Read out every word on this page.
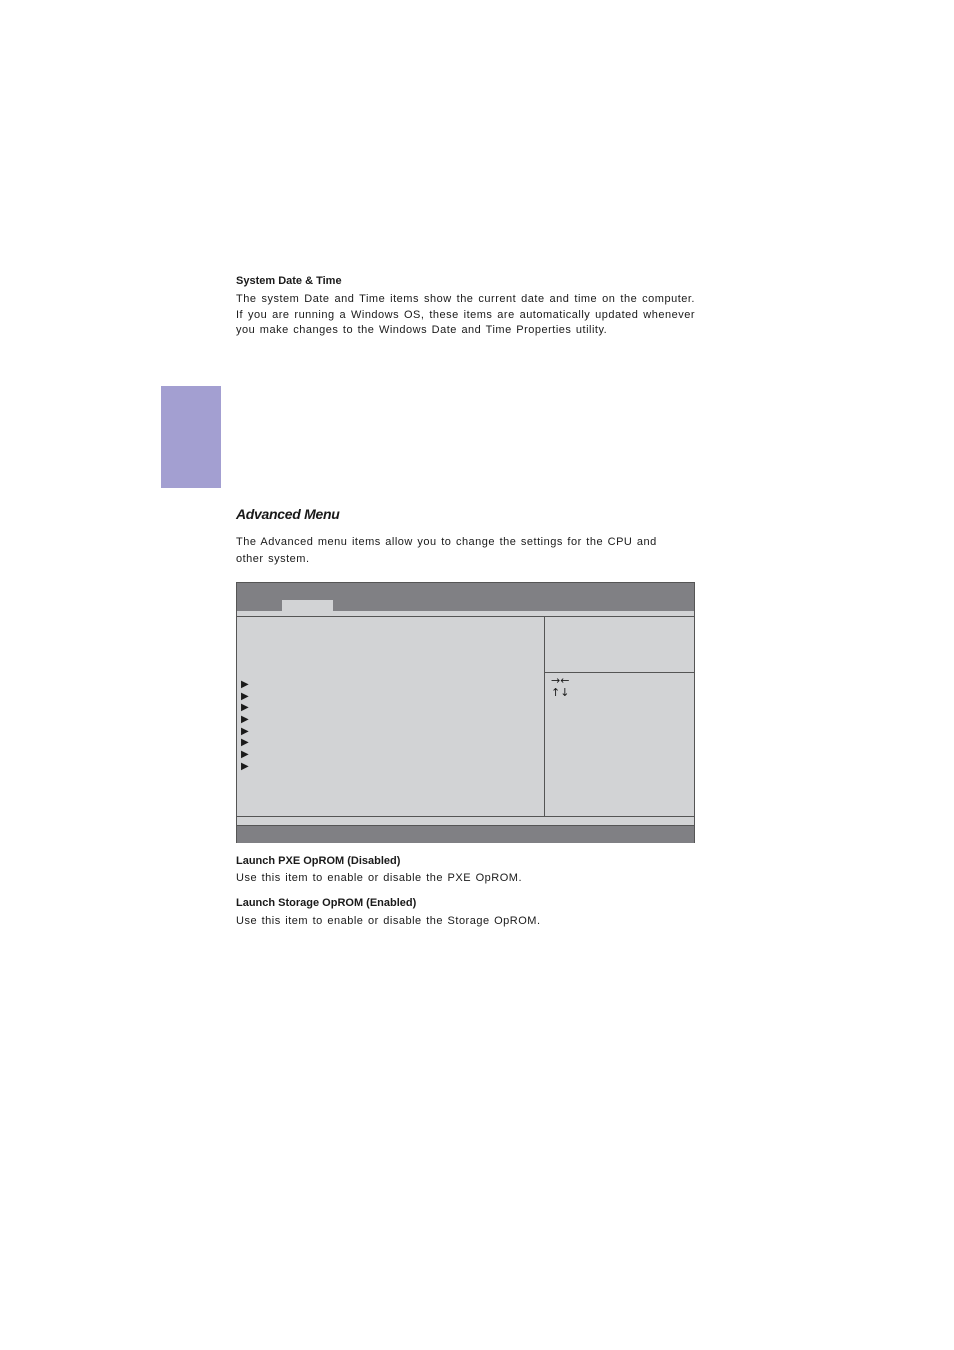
System Date & Time

The system Date and Time items show the current date and time on the computer. If you are running a Windows OS, these items are automatically updated whenever you make changes to the Windows Date and Time Properties utility.

Advanced Menu

The Advanced menu items allow you to change the settings for the CPU and other system.

▶
▶
▶
▶
▶
▶
▶
▶
→←
↑↓
Launch PXE OpROM (Disabled)

Use this item to enable or disable the PXE OpROM.

Launch Storage OpROM (Enabled)

Use this item to enable or disable the Storage OpROM.
